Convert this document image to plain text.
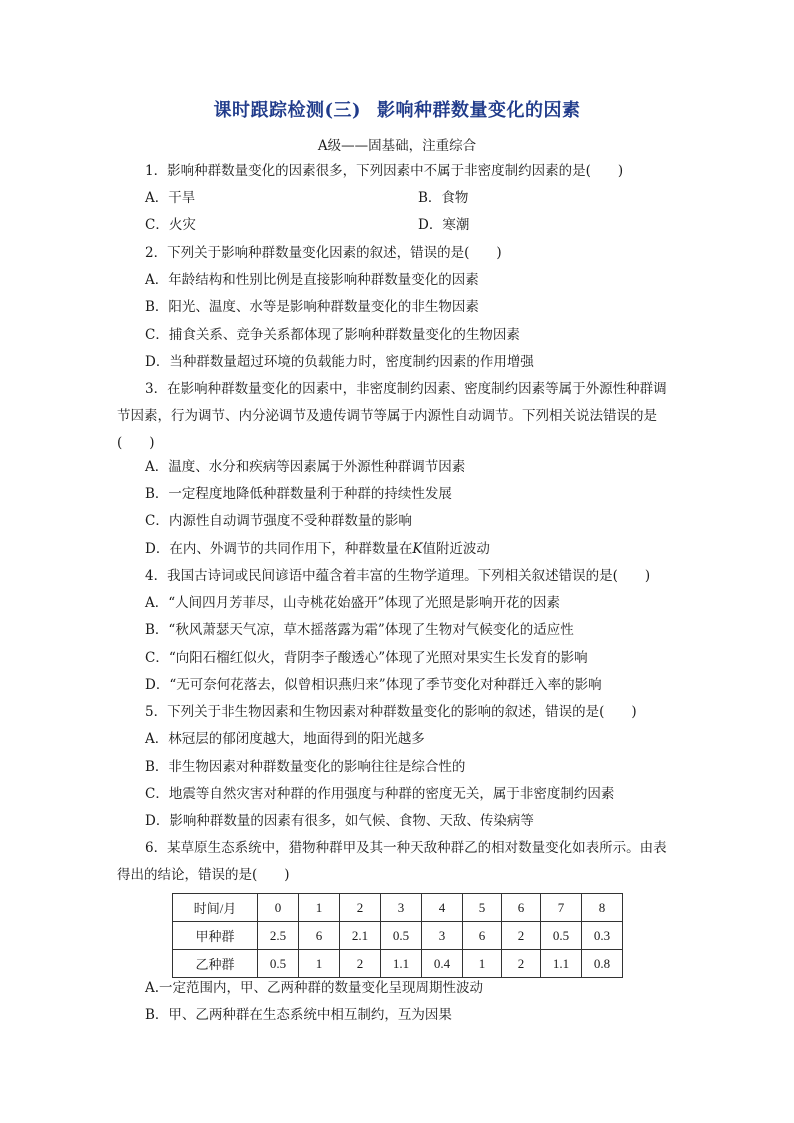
课时跟踪检测(三) 影响种群数量变化的因素
A级——固基础，注重综合
1．影响种群数量变化的因素很多，下列因素中不属于非密度制约因素的是(　　)
A．干旱	B．食物
C．火灾	D．寒潮
2．下列关于影响种群数量变化因素的叙述，错误的是(　　)
A．年龄结构和性别比例是直接影响种群数量变化的因素
B．阳光、温度、水等是影响种群数量变化的非生物因素
C．捕食关系、竞争关系都体现了影响种群数量变化的生物因素
D．当种群数量超过环境的负载能力时，密度制约因素的作用增强
3．在影响种群数量变化的因素中，非密度制约因素、密度制约因素等属于外源性种群调
节因素，行为调节、内分泌调节及遗传调节等属于内源性自动调节。下列相关说法错误的是
(　　)
A．温度、水分和疾病等因素属于外源性种群调节因素
B．一定程度地降低种群数量利于种群的持续性发展
C．内源性自动调节强度不受种群数量的影响
D．在内、外调节的共同作用下，种群数量在K值附近波动
4．我国古诗词或民间谚语中蕴含着丰富的生物学道理。下列相关叙述错误的是(　　)
A．“人间四月芳菲尽，山寺桃花始盛开”体现了光照是影响开花的因素
B．“秋风萧瑟天气凉，草木摇落露为霜”体现了生物对气候变化的适应性
C．“向阳石榴红似火，背阴李子酸透心”体现了光照对果实生长发育的影响
D．“无可奈何花落去，似曾相识燕归来”体现了季节变化对种群迁入率的影响
5．下列关于非生物因素和生物因素对种群数量变化的影响的叙述，错误的是(　　)
A．林冠层的郁闭度越大，地面得到的阳光越多
B．非生物因素对种群数量变化的影响往往是综合性的
C．地震等自然灾害对种群的作用强度与种群的密度无关，属于非密度制约因素
D．影响种群数量的因素有很多，如气候、食物、天敌、传染病等
6．某草原生态系统中，猎物种群甲及其一种天敌种群乙的相对数量变化如表所示。由表
得出的结论，错误的是(　　)
时间/月	0	1	2	3	4	5	6	7	8
甲种群	2.5	6	2.1	0.5	3	6	2	0.5	0.3
乙种群	0.5	1	2	1.1	0.4	1	2	1.1	0.8
A.一定范围内，甲、乙两种群的数量变化呈现周期性波动
B．甲、乙两种群在生态系统中相互制约，互为因果
